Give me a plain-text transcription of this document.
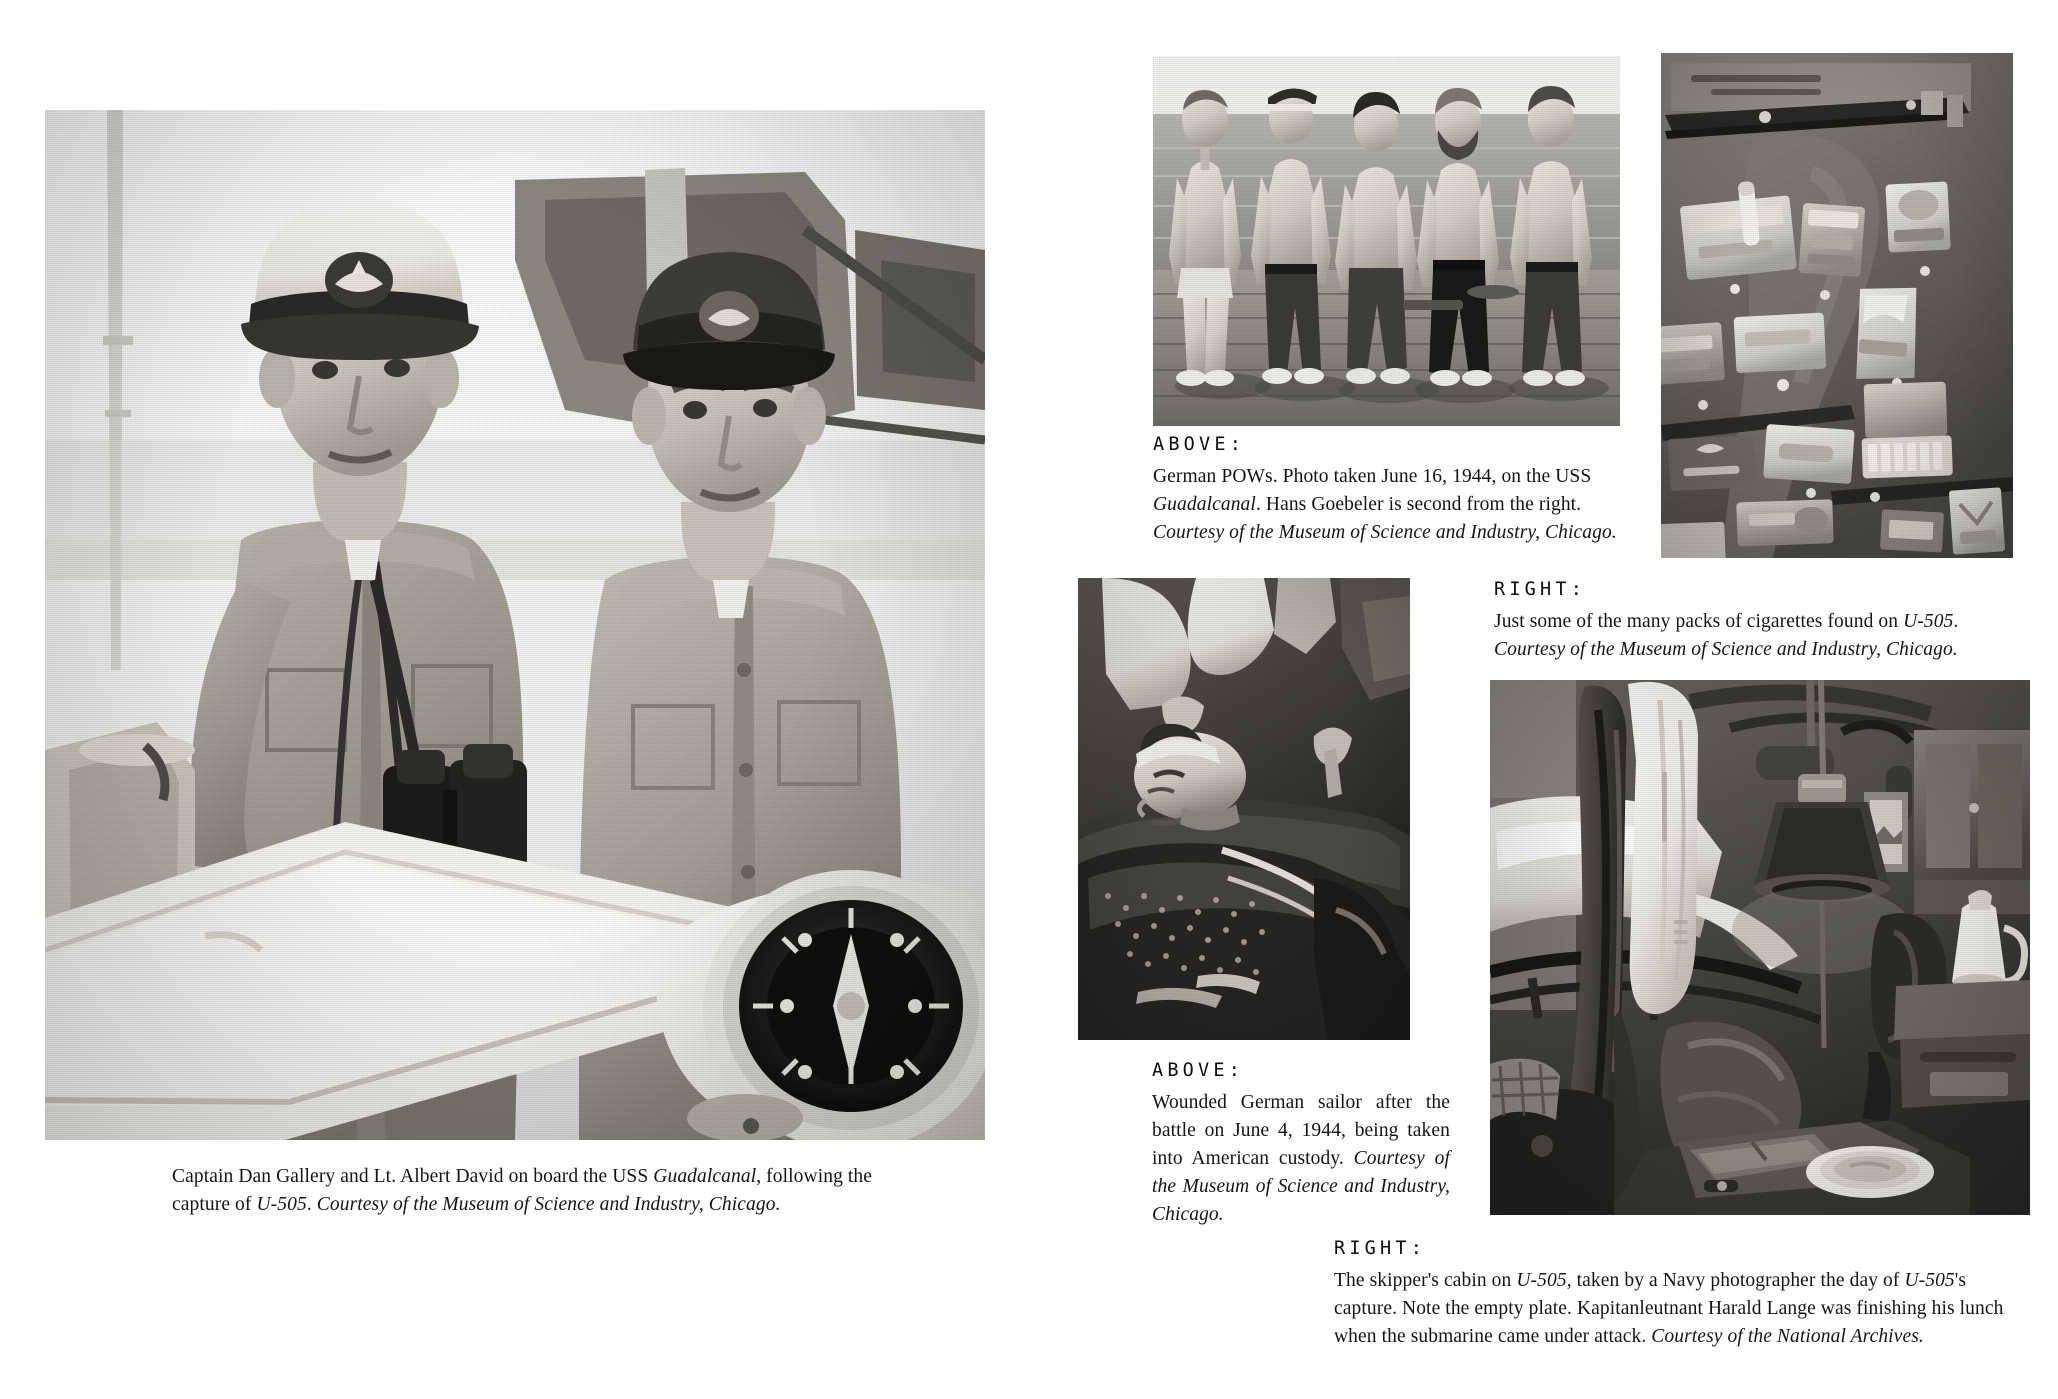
Captain Dan Gallery and Lt. Albert David on board the USS Guadalcanal, following the capture of U-505. Courtesy of the Museum of Science and Industry, Chicago.
ABOVE:
German POWs. Photo taken June 16, 1944, on the USS Guadalcanal. Hans Goebeler is second from the right. Courtesy of the Museum of Science and Industry, Chicago.
RIGHT:
Just some of the many packs of cigarettes found on U-505. Courtesy of the Museum of Science and Industry, Chicago.
ABOVE:

Wounded German sailor after the battle on June 4, 1944, being taken into American custody. Courtesy of the Museum of Science and Industry, Chicago.

RIGHT:
The skipper's cabin on U-505, taken by a Navy photographer the day of U-505's capture. Note the empty plate. Kapitanleutnant Harald Lange was finishing his lunch when the submarine came under attack. Courtesy of the National Archives.
